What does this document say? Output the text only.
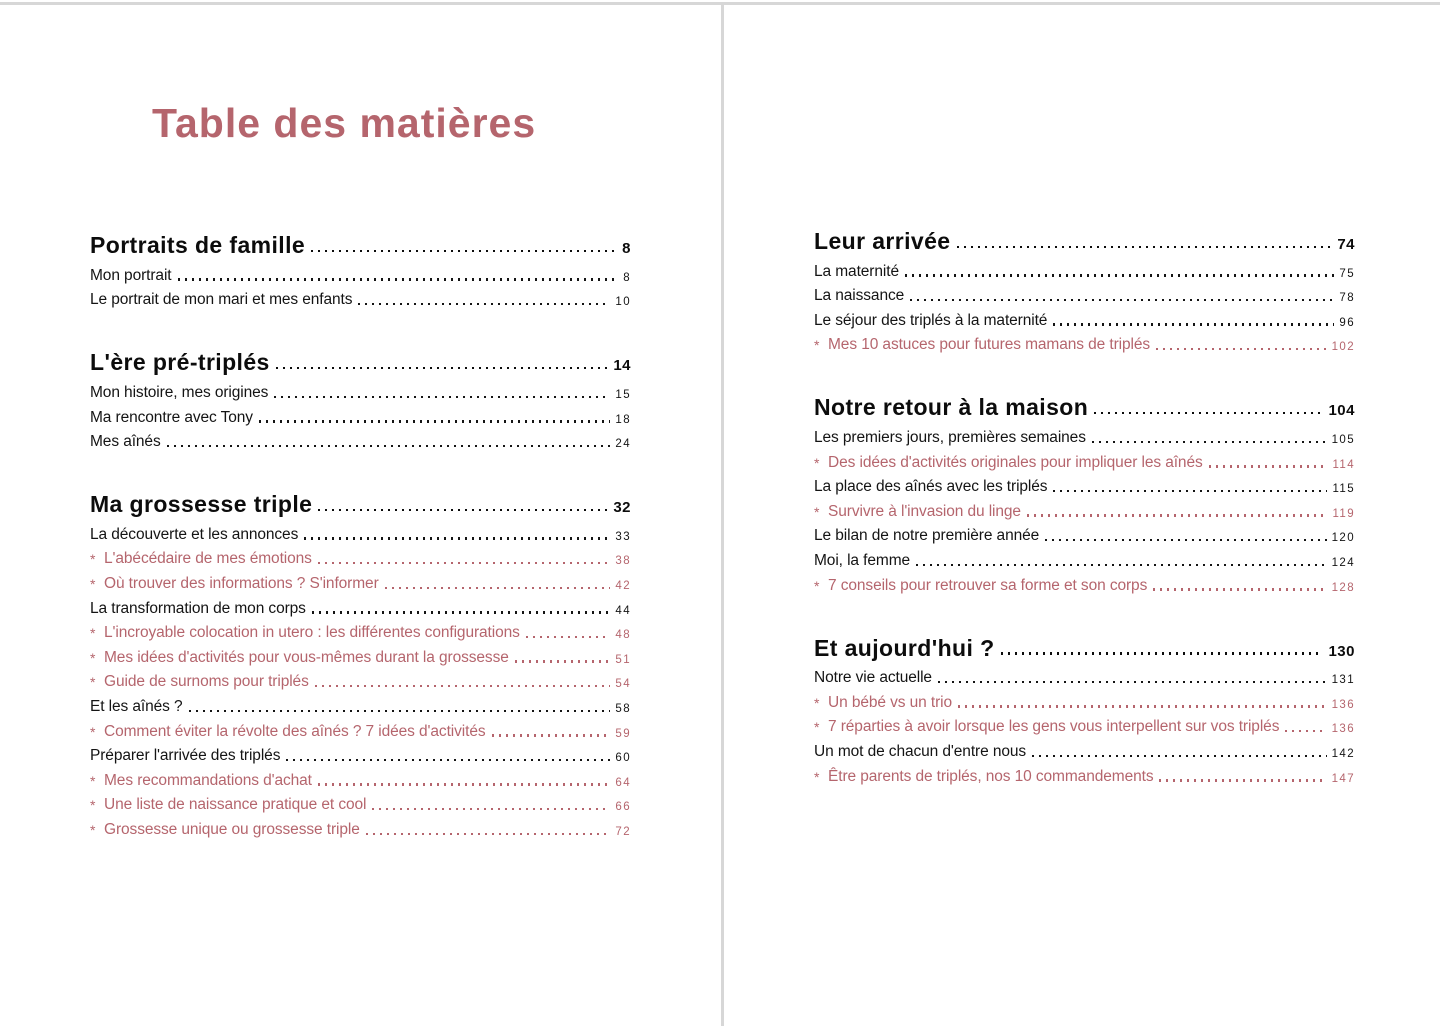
Table des matières
Portraits de famille	8
Mon portrait	8
Le portrait de mon mari et mes enfants	10
L'ère pré-triplés	14
Mon histoire, mes origines	15
Ma rencontre avec Tony	18
Mes aînés	24
Ma grossesse triple	32
La découverte et les annonces	33
* L'abécédaire de mes émotions	38
* Où trouver des informations ? S'informer	42
La transformation de mon corps	44
* L'incroyable colocation in utero : les différentes configurations	48
* Mes idées d'activités pour vous-mêmes durant la grossesse	51
* Guide de surnoms pour triplés	54
Et les aînés ?	58
* Comment éviter la révolte des aînés ? 7 idées d'activités	59
Préparer l'arrivée des triplés	60
* Mes recommandations d'achat	64
* Une liste de naissance pratique et cool	66
* Grossesse unique ou grossesse triple	72
Leur arrivée	74
La maternité	75
La naissance	78
Le séjour des triplés à la maternité	96
* Mes 10 astuces pour futures mamans de triplés	102
Notre retour à la maison	104
Les premiers jours, premières semaines	105
* Des idées d'activités originales pour impliquer les aînés	114
La place des aînés avec les triplés	115
* Survivre à l'invasion du linge	119
Le bilan de notre première année	120
Moi, la femme	124
* 7 conseils pour retrouver sa forme et son corps	128
Et aujourd'hui ?	130
Notre vie actuelle	131
* Un bébé vs un trio	136
* 7 réparties à avoir lorsque les gens vous interpellent sur vos triplés	136
Un mot de chacun d'entre nous	142
* Être parents de triplés, nos 10 commandements	147
